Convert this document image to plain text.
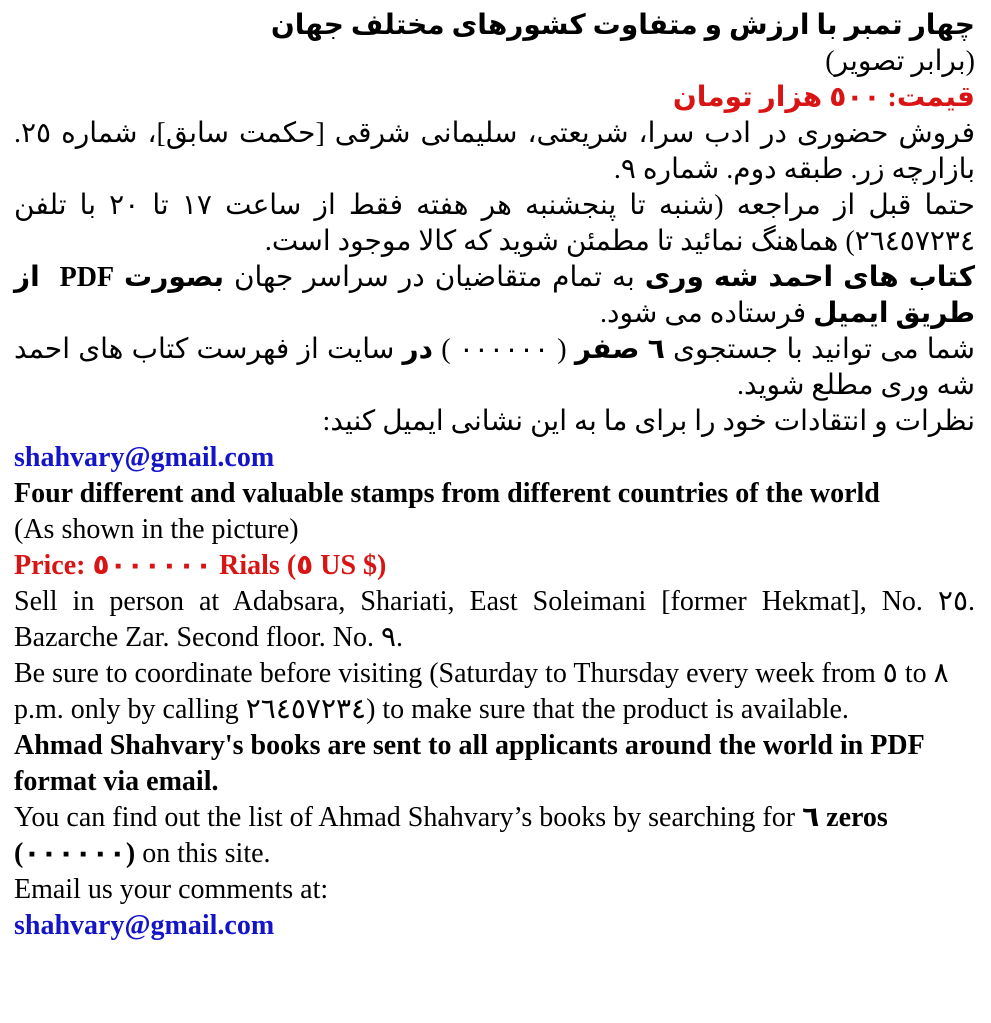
چهار تمبر با ارزش و متفاوت کشورهای مختلف جهان

(برابر تصویر)

قیمت: ٥٠٠ هزار تومان

فروش حضوری در ادب سرا، شریعتی، سلیمانی شرقی [حکمت سابق]، شماره ٢٥. بازارچه زر. طبقه دوم. شماره ٩.

حتما قبل از مراجعه (شنبه تا پنجشنبه هر هفته فقط از ساعت ١٧ تا ٢٠ با تلفن ٢٦٤٥٧٢٣٤) هماهنگ نمائید تا مطمئن شوید که کالا موجود است.

کتاب های احمد شه وری به تمام متقاضیان در سراسر جهان بصورت PDF  از طریق ایمیل فرستاده می شود.

شما می توانید با جستجوی ٦ صفر ( ٠٠٠٠٠٠ ) در سایت از فهرست کتاب های احمد شه وری مطلع شوید.

نظرات و انتقادات خود را برای ما به این نشانی ایمیل کنید:

shahvary@gmail.com

Four different and valuable stamps from different countries of the world

(As shown in the picture)

Price: ٥٠٠٠٠٠٠ Rials (٥ US $)

Sell in person at Adabsara, Shariati, East Soleimani [former Hekmat], No. ٢٥. Bazarche Zar. Second floor. No. ٩.

Be sure to coordinate before visiting (Saturday to Thursday every week from ٥ to ٨ p.m. only by calling ٢٦٤٥٧٢٣٤) to make sure that the product is available.

Ahmad Shahvary's books are sent to all applicants around the world in PDF format via email.

You can find out the list of Ahmad Shahvary’s books by searching for ٦ zeros (٠٠٠٠٠٠) on this site.

Email us your comments at:

shahvary@gmail.com
